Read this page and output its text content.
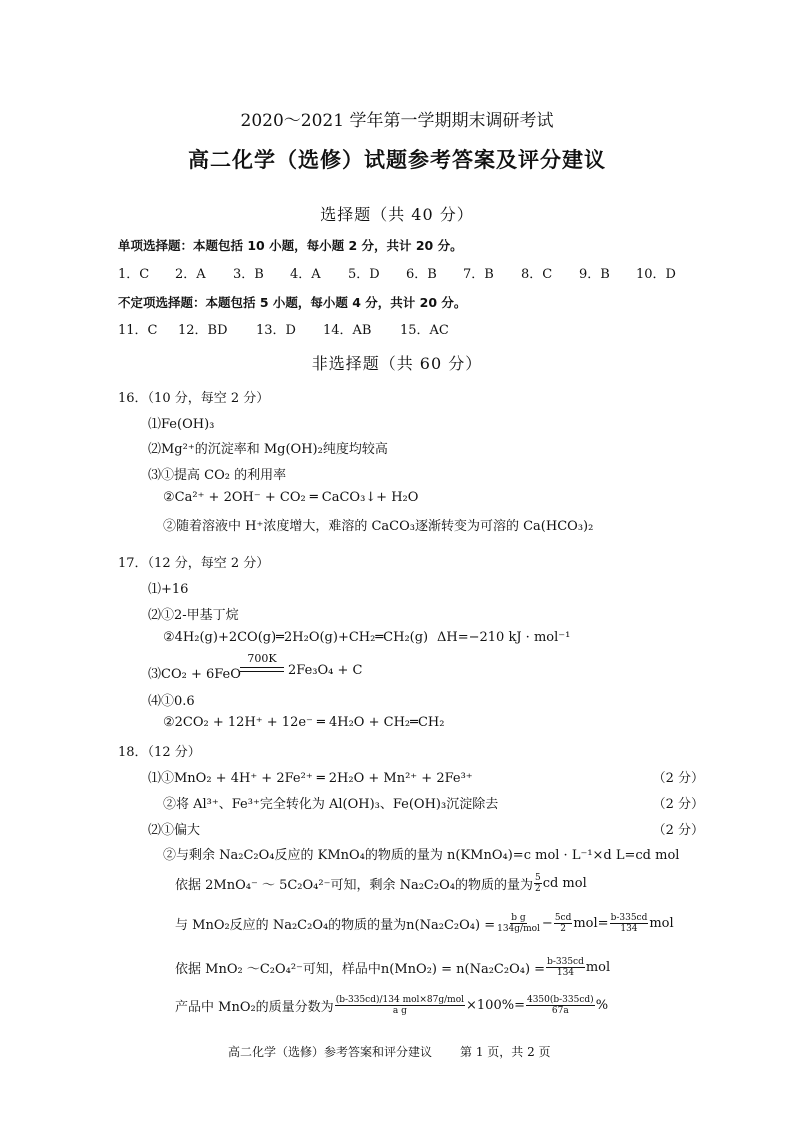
2020～2021 学年第一学期期末调研考试
高二化学（选修）试题参考答案及评分建议
选择题（共 40 分）
单项选择题：本题包括 10 小题，每小题 2 分，共计 20 分。
1．C 2．A 3．B 4．A 5．D 6．B 7．B 8．C 9．B 10．D
不定项选择题：本题包括 5 小题，每小题 4 分，共计 20 分。
11．C 12．BD 13．D 14．AB 15．AC
非选择题（共 60 分）
16．（10 分，每空 2 分）
⑴Fe(OH)₃
⑵Mg²⁺的沉淀率和 Mg(OH)₂纯度均较高
⑶①提高 CO₂ 的利用率
②Ca²⁺ + 2OH⁻ + CO₂ ═ CaCO₃↓+ H₂O
②随着溶液中 H⁺浓度增大，难溶的 CaCO₃逐渐转变为可溶的 Ca(HCO₃)₂
17．（12 分，每空 2 分）
⑴+16
⑵①2-甲基丁烷
②4H₂(g)+2CO(g)═2H₂O(g)+CH₂═CH₂(g) ΔH=−210 kJ · mol⁻¹
⑶CO₂ + 6FeO
700K
2Fe₃O₄ + C
⑷①0.6
②2CO₂ + 12H⁺ + 12e⁻ ═ 4H₂O + CH₂═CH₂
18．（12 分）
⑴①MnO₂ + 4H⁺ + 2Fe²⁺ ═ 2H₂O + Mn²⁺ + 2Fe³⁺	（2 分）
②将 Al³⁺、Fe³⁺完全转化为 Al(OH)₃、Fe(OH)₃沉淀除去	（2 分）
⑵①偏大	（2 分）
②与剩余 Na₂C₂O₄反应的 KMnO₄的物质的量为 n(KMnO₄)=c mol · L⁻¹×d L=cd mol
依据 2MnO₄⁻ ～ 5C₂O₄²⁻可知，剩余 Na₂C₂O₄的物质的量为 $\frac{5}{2}$ cd mol
与 MnO₂反应的 Na₂C₂O₄的物质的量为$n(Na_2C_2O_4) = \frac{\text{b g}}{\text{134g/mol}} - \frac{5cd}{2} mol= \frac{b-335cd}{134}$ mol
依据 MnO₂ ～C₂O₄²⁻可知，样品中$n(MnO_2) = n(Na_2C_2O_4) = \frac{b-335cd}{134}$ mol
产品中 MnO₂的质量分数为 $\frac{\text{(b-335cd)/134 mol×87g/mol}}{\text{a g}} \times 100\%= \frac{4350(b-335cd)}{67a}$ %
高二化学（选修）参考答案和评分建议 第 1 页，共 2 页
